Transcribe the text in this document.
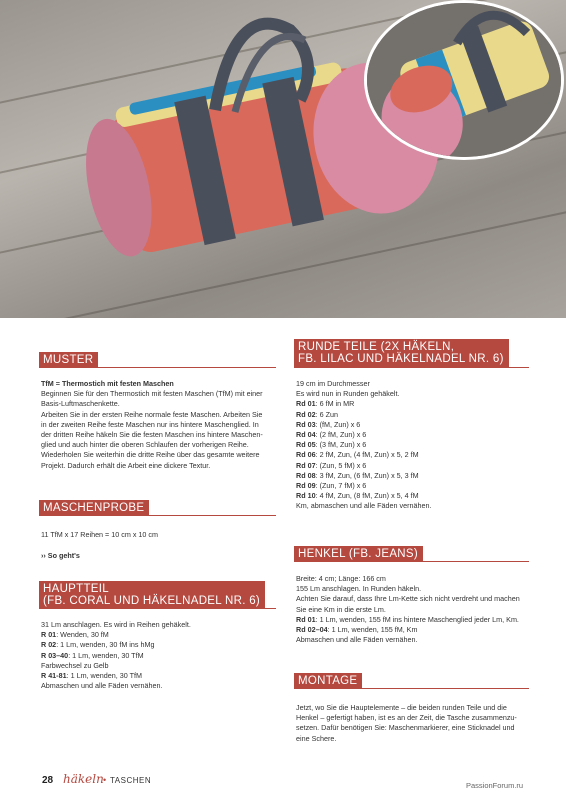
MUSTER

TfM = Thermostich mit festen Maschen

Beginnen Sie für den Thermostich mit festen Maschen (TfM) mit einer

Basis-Luftmaschenkette.

Arbeiten Sie in der ersten Reihe normale feste Maschen. Arbeiten Sie

in der zweiten Reihe feste Maschen nur ins hintere Maschenglied. In

der dritten Reihe häkeln Sie die festen Maschen ins hintere Maschen-

glied und auch hinter die oberen Schlaufen der vorherigen Reihe.

Wiederholen Sie weiterhin die dritte Reihe über das gesamte weitere

Projekt. Dadurch erhält die Arbeit eine dickere Textur.

MASCHENPROBE

11 TfM x 17 Reihen = 10 cm x 10 cm

›› So geht's

HAUPTTEIL
(FB. CORAL UND HÄKELNADEL NR. 6)

31 Lm anschlagen. Es wird in Reihen gehäkelt.

R 01: Wenden, 30 fM

R 02: 1 Lm, wenden, 30 fM ins hMg

R 03–40: 1 Lm, wenden, 30 TfM

Farbwechsel zu Gelb

R 41-81: 1 Lm, wenden, 30 TfM

Abmaschen und alle Fäden vernähen.

RUNDE TEILE (2X HÄKELN,
FB. LILAC UND HÄKELNADEL NR. 6)

19 cm im Durchmesser

Es wird nun in Runden gehäkelt.

Rd 01: 6 fM in MR

Rd 02: 6 Zun

Rd 03: (fM, Zun) x 6

Rd 04: (2 fM, Zun) x 6

Rd 05: (3 fM, Zun) x 6

Rd 06: 2 fM, Zun, (4 fM, Zun) x 5, 2 fM

Rd 07: (Zun, 5 fM) x 6

Rd 08: 3 fM, Zun, (6 fM, Zun) x 5, 3 fM

Rd 09: (Zun, 7 fM) x 6

Rd 10: 4 fM, Zun, (8 fM, Zun) x 5, 4 fM

Km, abmaschen und alle Fäden vernähen.

HENKEL (FB. JEANS)

Breite: 4 cm; Länge: 166 cm

155 Lm anschlagen. In Runden häkeln.

Achten Sie darauf, dass Ihre Lm-Kette sich nicht verdreht und machen

Sie eine Km in die erste Lm.

Rd 01: 1 Lm, wenden, 155 fM ins hintere Maschenglied jeder Lm, Km.

Rd 02–04: 1 Lm, wenden, 155 fM, Km

Abmaschen und alle Fäden vernähen.

MONTAGE

Jetzt, wo Sie die Hauptelemente – die beiden runden Teile und die

Henkel – gefertigt haben, ist es an der Zeit, die Tasche zusammenzu-

setzen. Dafür benötigen Sie: Maschenmarkierer, eine Sticknadel und

eine Schere.

28 häkeln • TASCHEN
PassionForum.ru
